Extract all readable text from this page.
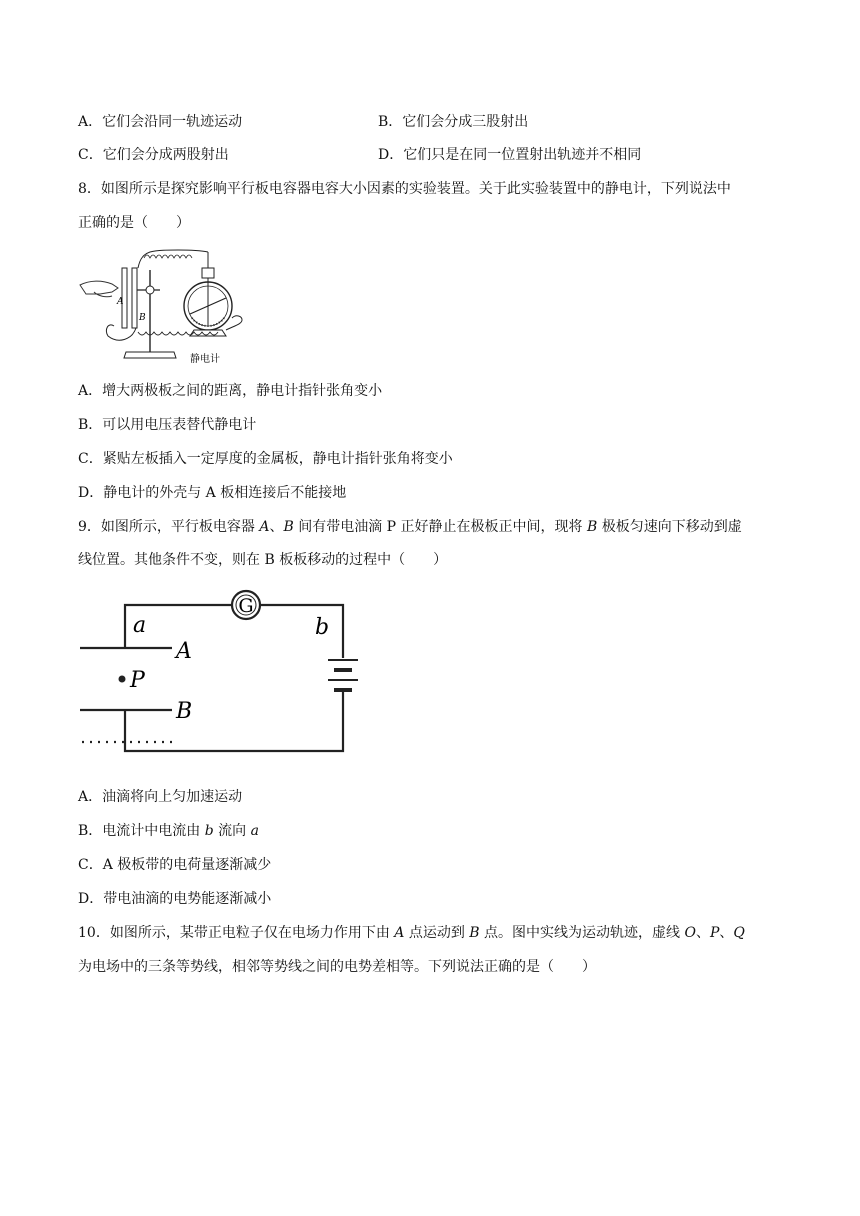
A．它们会沿同一轨迹运动	B．它们会分成三股射出
C．它们会分成两股射出	D．它们只是在同一位置射出轨迹并不相同
8．如图所示是探究影响平行板电容器电容大小因素的实验装置。关于此实验装置中的静电计，下列说法中
正确的是（　　）
A
B
静电计
A．增大两极板之间的距离，静电计指针张角变小
B．可以用电压表替代静电计
C．紧贴左板插入一定厚度的金属板，静电计指针张角将变小
D．静电计的外壳与 A 板相连接后不能接地
9．如图所示，平行板电容器 A、B 间有带电油滴 P 正好静止在极板正中间，现将 B 极板匀速向下移动到虚
线位置。其他条件不变，则在 B 板板移动的过程中（　　）
G
a	b
A
P
B
A．油滴将向上匀加速运动
B．电流计中电流由 b 流向 a
C．A 极板带的电荷量逐渐减少
D．带电油滴的电势能逐渐减小
10．如图所示，某带正电粒子仅在电场力作用下由 A 点运动到 B 点。图中实线为运动轨迹，虚线 O、P、Q
为电场中的三条等势线，相邻等势线之间的电势差相等。下列说法正确的是（　　）
